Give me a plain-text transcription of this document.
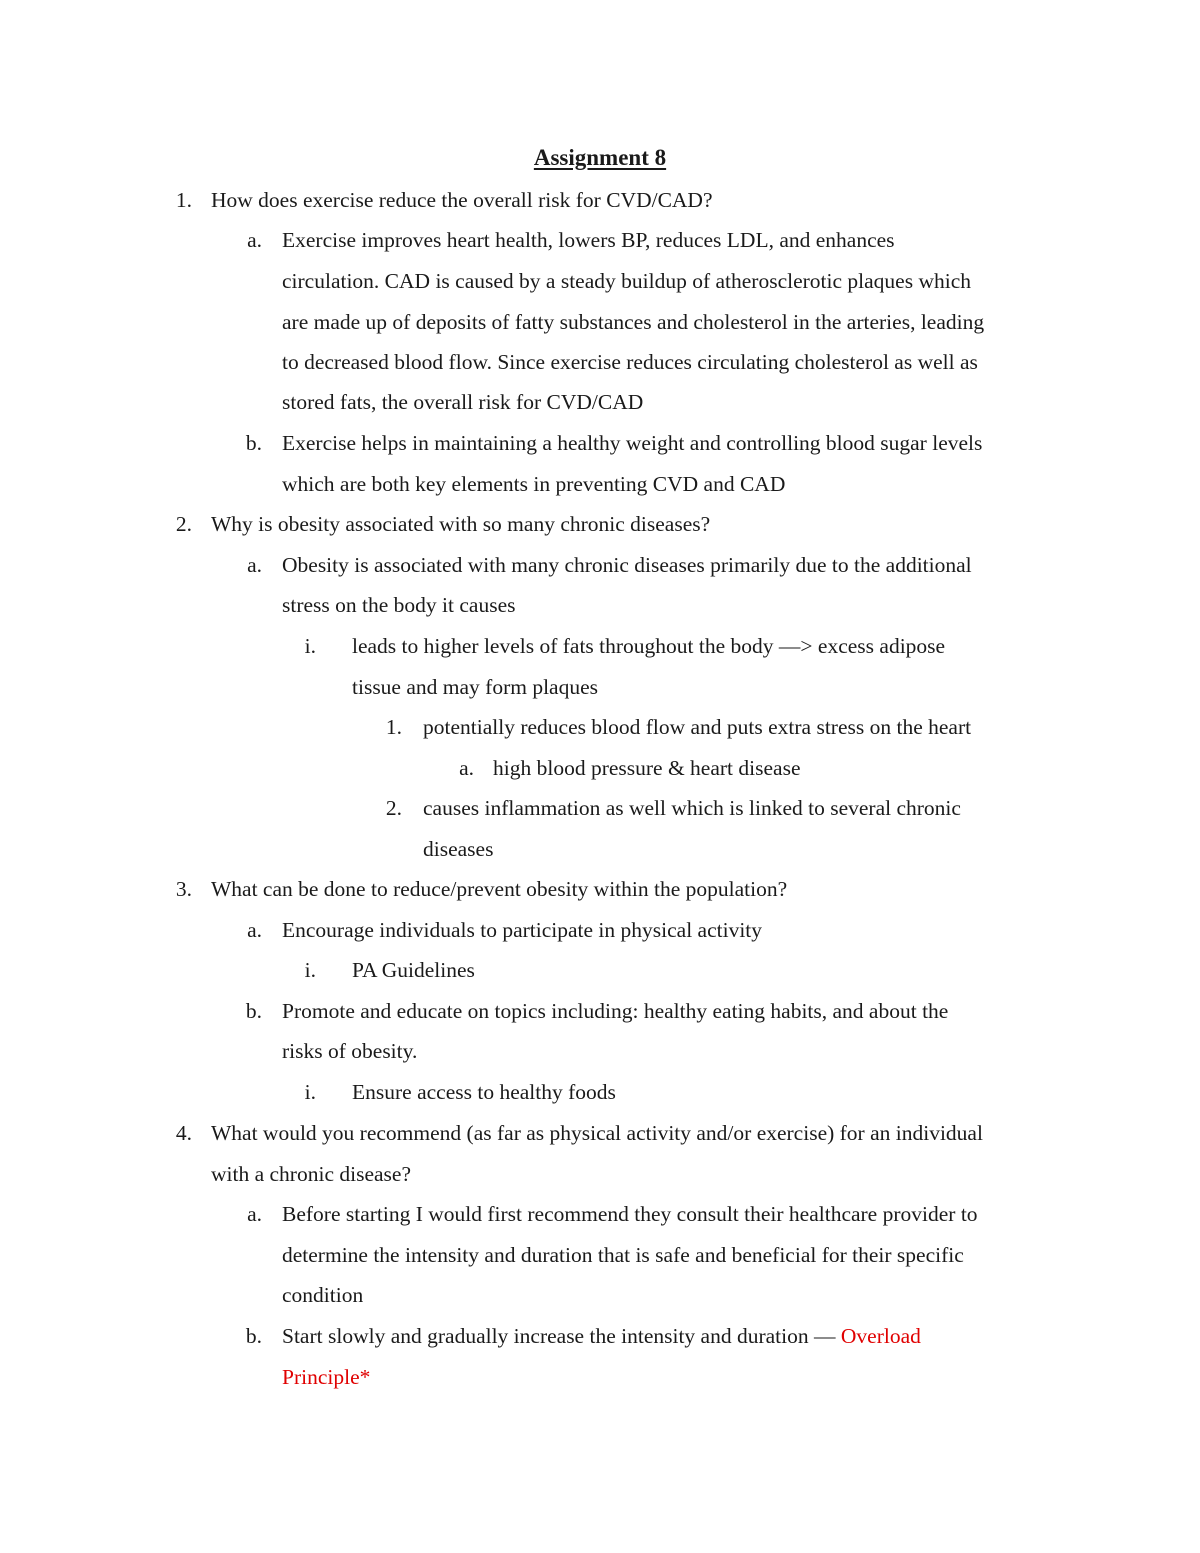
Assignment 8
1. How does exercise reduce the overall risk for CVD/CAD?
a. Exercise improves heart health, lowers BP, reduces LDL, and enhances
circulation. CAD is caused by a steady buildup of atherosclerotic plaques which
are made up of deposits of fatty substances and cholesterol in the arteries, leading
to decreased blood flow. Since exercise reduces circulating cholesterol as well as
stored fats, the overall risk for CVD/CAD
b. Exercise helps in maintaining a healthy weight and controlling blood sugar levels
which are both key elements in preventing CVD and CAD
2. Why is obesity associated with so many chronic diseases?
a. Obesity is associated with many chronic diseases primarily due to the additional
stress on the body it causes
i. leads to higher levels of fats throughout the body —> excess adipose
tissue and may form plaques
1. potentially reduces blood flow and puts extra stress on the heart
a. high blood pressure & heart disease
2. causes inflammation as well which is linked to several chronic
diseases
3. What can be done to reduce/prevent obesity within the population?
a. Encourage individuals to participate in physical activity
i. PA Guidelines
b. Promote and educate on topics including: healthy eating habits, and about the
risks of obesity.
i. Ensure access to healthy foods
4. What would you recommend (as far as physical activity and/or exercise) for an individual
with a chronic disease?
a. Before starting I would first recommend they consult their healthcare provider to
determine the intensity and duration that is safe and beneficial for their specific
condition
b. Start slowly and gradually increase the intensity and duration — Overload
Principle*
